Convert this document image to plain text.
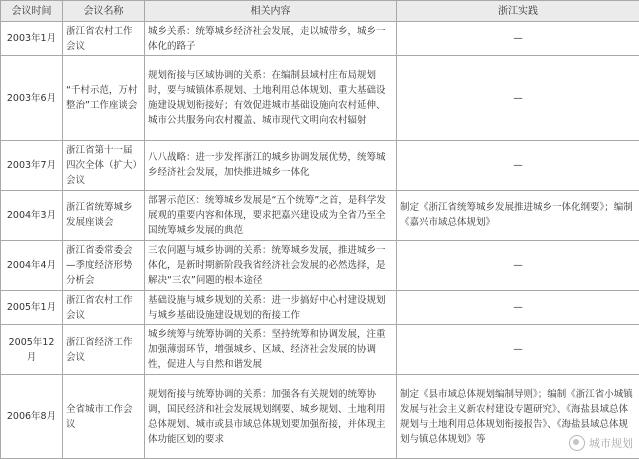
会议时间	会议名称	相关内容	浙江实践
2003年1月	浙江省农村工作会议	城乡关系：统筹城乡经济社会发展，走以城带乡，城乡一体化的路子	—
2003年6月	“千村示范，万村整治”工作座谈会	规划衔接与区域协调的关系：在编制县域村庄布局规划时，要与城镇体系规划、土地利用总体规划、重大基础设施建设规划衔接好；有效促进城市基础设施向农村延伸、城市公共服务向农村覆盖、城市现代文明向农村辐射	—
2003年7月	浙江省第十一届四次全体（扩大）会议	八八战略：进一步发挥浙江的城乡协调发展优势，统筹城乡经济社会发展，加快推进城乡一体化	—
2004年3月	浙江省统筹城乡发展座谈会	部署示范区：统筹城乡发展是“五个统筹”之首，是科学发展观的重要内容和体现，要求把嘉兴建设成为全省乃至全国统筹城乡发展的典范	制定《浙江省统筹城乡发展推进城乡一体化纲要》；编制《嘉兴市域总体规划》
2004年4月	浙江省委常委会—季度经济形势分析会	三农问题与城乡协调的关系：统筹城乡发展，推进城乡一体化，是新时期新阶段我省经济社会发展的必然选择，是解决“三农”问题的根本途径	—
2005年1月	浙江省农村工作会议	基础设施与城乡规划的关系：进一步搞好中心村建设规划与城乡基础设施建设规划的衔接工作	—
2005年12月	浙江省经济工作会议	城乡统筹与统筹协调的关系：坚持统筹和协调发展，注重加强薄弱环节，增强城乡、区域、经济社会发展的协调性，促进人与自然和谐发展	—
2006年8月	全省城市工作会议	规划衔接与统筹协调的关系：加强各有关规划的统筹协调，国民经济和社会发展规划纲要、城乡规划、土地利用总体规划、城市或县市域总体规划要加强衔接，并体现主体功能区划的要求	制定《县市域总体规划编制导则》；编制《浙江省小城镇发展与社会主义新农村建设专题研究》、《海盐县域总体规划与土地利用总体规划衔接报告》、《海盐县域总体规划与镇总体规划》等	城市规划
